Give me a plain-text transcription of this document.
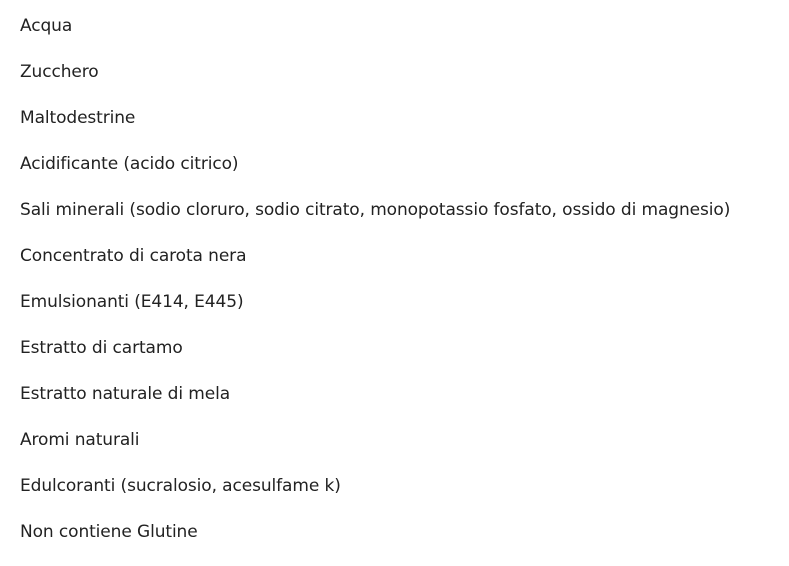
Acqua
Zucchero
Maltodestrine
Acidificante (acido citrico)
Sali minerali (sodio cloruro, sodio citrato, monopotassio fosfato, ossido di magnesio)
Concentrato di carota nera
Emulsionanti (E414, E445)
Estratto di cartamo
Estratto naturale di mela
Aromi naturali
Edulcoranti (sucralosio, acesulfame k)
Non contiene Glutine
